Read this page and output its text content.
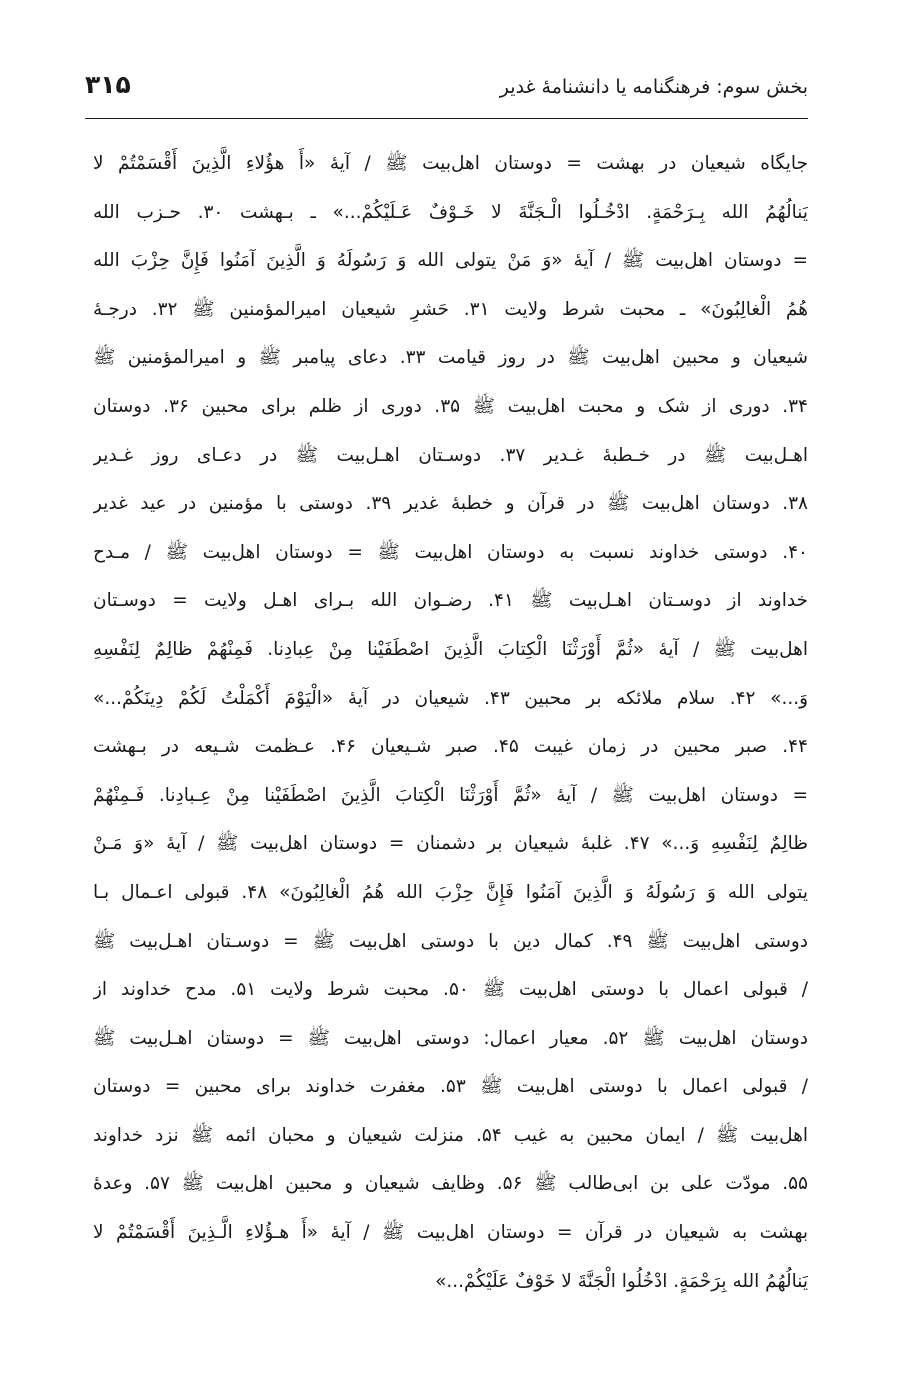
بخش سوم: فرهنگنامه یا دانشنامهٔ غدیر
۳۱۵
جایگاه شیعیان در بهشت = دوستان اهل‌بیت ﷺ / آیهٔ «أَ هؤُلاءِ الَّذِینَ أَقْسَمْتُمْ لا
یَنالُهُمُ الله بِـرَحْمَةٍ. ادْخُـلُوا الْـجَنَّةَ لا خَـوْفٌ عَـلَیْکُمْ...» ـ بـهشت ۳۰. حـزب الله
= دوستان اهل‌بیت ﷺ / آیهٔ «وَ مَنْ یتولی الله وَ رَسُولَهُ وَ الَّذِینَ آمَنُوا فَإِنَّ حِزْبَ الله
هُمُ الْغالِبُونَ» ـ محبت شرط ولایت ۳۱. حَشرِ شیعیان امیرالمؤمنین ﷺ ۳۲. درجـهٔ
شیعیان و محبین اهل‌بیت ﷺ در روز قیامت ۳۳. دعای پیامبر ﷺ و امیرالمؤمنین ﷺ
۳۴. دوری از شک و محبت اهل‌بیت ﷺ ۳۵. دوری از ظلم برای محبین ۳۶. دوستان
اهـل‌بیت ﷺ در خـطبهٔ غـدیر ۳۷. دوسـتان اهـل‌بیت ﷺ در دعـای روز غـدیر
۳۸. دوستان اهل‌بیت ﷺ در قرآن و خطبهٔ غدیر ۳۹. دوستی با مؤمنین در عید غدیر
۴۰. دوستی خداوند نسبت به دوستان اهل‌بیت ﷺ = دوستان اهل‌بیت ﷺ / مـدح
خداوند از دوسـتان اهـل‌بیت ﷺ ۴۱. رضـوان الله بـرای اهـل ولایت = دوسـتان
اهل‌بیت ﷺ / آیهٔ «ثُمَّ أَوْرَثْنَا الْکِتابَ الَّذِینَ اصْطَفَیْنا مِنْ عِبادِنا. فَمِنْهُمْ ظالِمٌ لِنَفْسِهِ
وَ...» ۴۲. سلام ملائکه بر محبین ۴۳. شیعیان در آیهٔ «الْیَوْمَ أَکْمَلْتُ لَکُمْ دِینَکُمْ...»
۴۴. صبر محبین در زمان غیبت ۴۵. صبر شـیعیان ۴۶. عـظمت شـیعه در بـهشت
= دوستان اهل‌بیت ﷺ / آیهٔ «ثُمَّ أَوْرَثْنَا الْکِتابَ الَّذِینَ اصْطَفَیْنا مِنْ عِـبادِنا. فَـمِنْهُمْ
ظالِمٌ لِنَفْسِهِ وَ...» ۴۷. غلبهٔ شیعیان بر دشمنان = دوستان اهل‌بیت ﷺ / آیهٔ «وَ مَـنْ
یتولی الله وَ رَسُولَهُ وَ الَّذِینَ آمَنُوا فَإِنَّ حِزْبَ الله هُمُ الْغالِبُونَ» ۴۸. قبولی اعـمال بـا
دوستی اهل‌بیت ﷺ ۴۹. کمال دین با دوستی اهل‌بیت ﷺ = دوسـتان اهـل‌بیت ﷺ
/ قبولی اعمال با دوستی اهل‌بیت ﷺ ۵۰. محبت شرط ولایت ۵۱. مدح خداوند از
دوستان اهل‌بیت ﷺ ۵۲. معیار اعمال: دوستی اهل‌بیت ﷺ = دوستان اهـل‌بیت ﷺ
/ قبولی اعمال با دوستی اهل‌بیت ﷺ ۵۳. مغفرت خداوند برای محبین = دوستان
اهل‌بیت ﷺ / ایمان محبین به غیب ۵۴. منزلت شیعیان و محبان ائمه ﷺ نزد خداوند
۵۵. مودّت علی بن ابی‌طالب ﷺ ۵۶. وظایف شیعیان و محبین اهل‌بیت ﷺ ۵۷. وعدهٔ
بهشت به شیعیان در قرآن = دوستان اهل‌بیت ﷺ / آیهٔ «أَ هـؤُلاءِ الَّـذِینَ أَقْسَمْتُمْ لا
یَنالُهُمُ الله بِرَحْمَةٍ. ادْخُلُوا الْجَنَّةَ لا خَوْفٌ عَلَیْکُمْ...»
